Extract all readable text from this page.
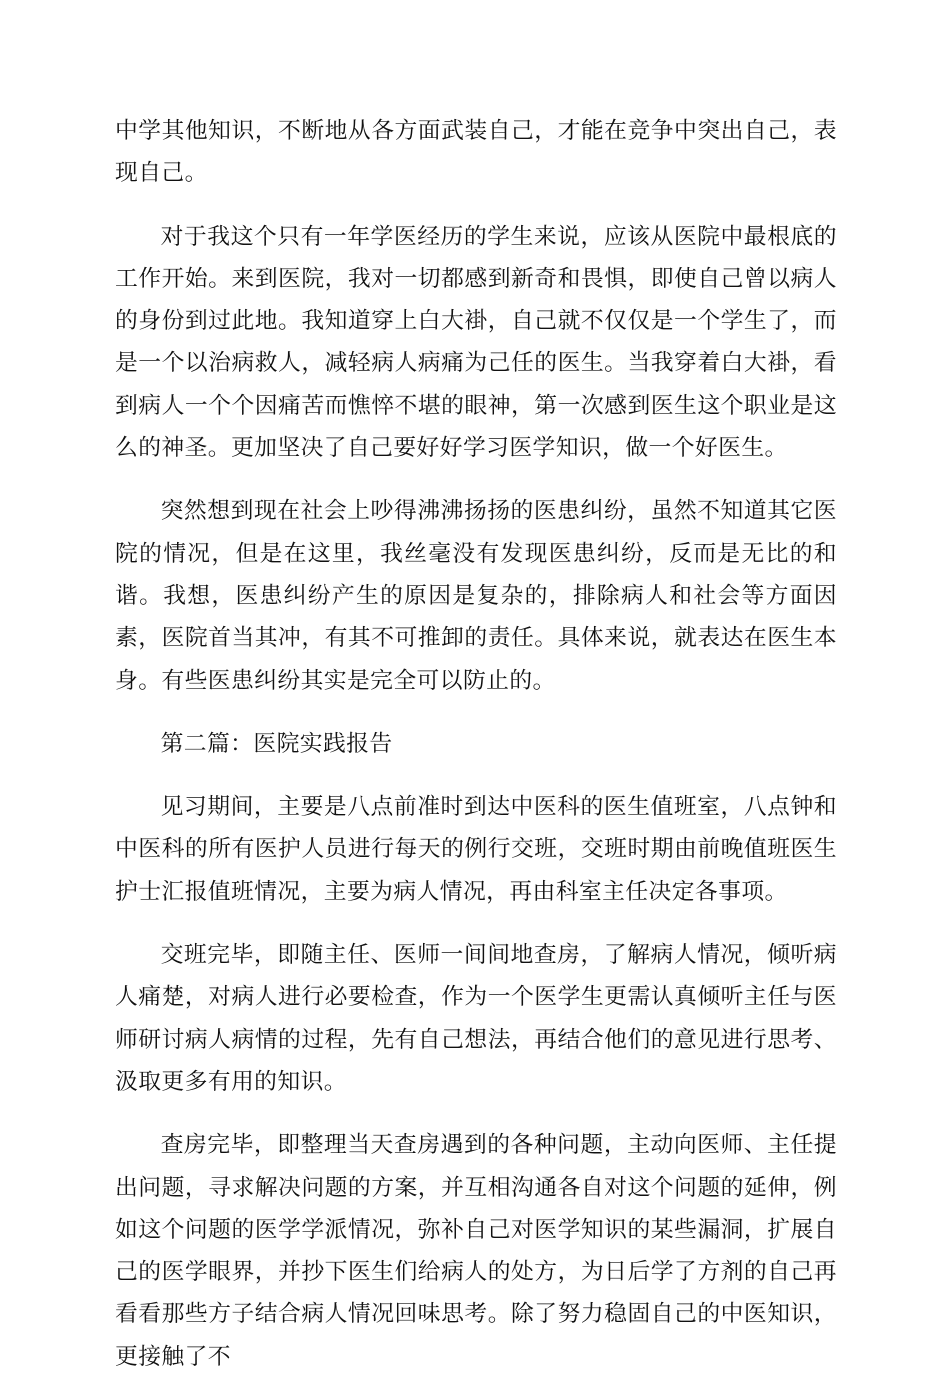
中学其他知识，不断地从各方面武装自己，才能在竞争中突出自己，表现自己。

对于我这个只有一年学医经历的学生来说，应该从医院中最根底的工作开始。来到医院，我对一切都感到新奇和畏惧，即使自己曾以病人的身份到过此地。我知道穿上白大褂，自己就不仅仅是一个学生了，而是一个以治病救人，减轻病人病痛为己任的医生。当我穿着白大褂，看到病人一个个因痛苦而憔悴不堪的眼神，第一次感到医生这个职业是这么的神圣。更加坚决了自己要好好学习医学知识，做一个好医生。

突然想到现在社会上吵得沸沸扬扬的医患纠纷，虽然不知道其它医院的情况，但是在这里，我丝毫没有发现医患纠纷，反而是无比的和谐。我想，医患纠纷产生的原因是复杂的，排除病人和社会等方面因素，医院首当其冲，有其不可推卸的责任。具体来说，就表达在医生本身。有些医患纠纷其实是完全可以防止的。

第二篇：医院实践报告

见习期间，主要是八点前准时到达中医科的医生值班室，八点钟和中医科的所有医护人员进行每天的例行交班，交班时期由前晚值班医生护士汇报值班情况，主要为病人情况，再由科室主任决定各事项。

交班完毕，即随主任、医师一间间地查房，了解病人情况，倾听病人痛楚，对病人进行必要检查，作为一个医学生更需认真倾听主任与医师研讨病人病情的过程，先有自己想法，再结合他们的意见进行思考、汲取更多有用的知识。

查房完毕，即整理当天查房遇到的各种问题，主动向医师、主任提出问题，寻求解决问题的方案，并互相沟通各自对这个问题的延伸，例如这个问题的医学学派情况，弥补自己对医学知识的某些漏洞，扩展自己的医学眼界，并抄下医生们给病人的处方，为日后学了方剂的自己再看看那些方子结合病人情况回味思考。除了努力稳固自己的中医知识，更接触了不
